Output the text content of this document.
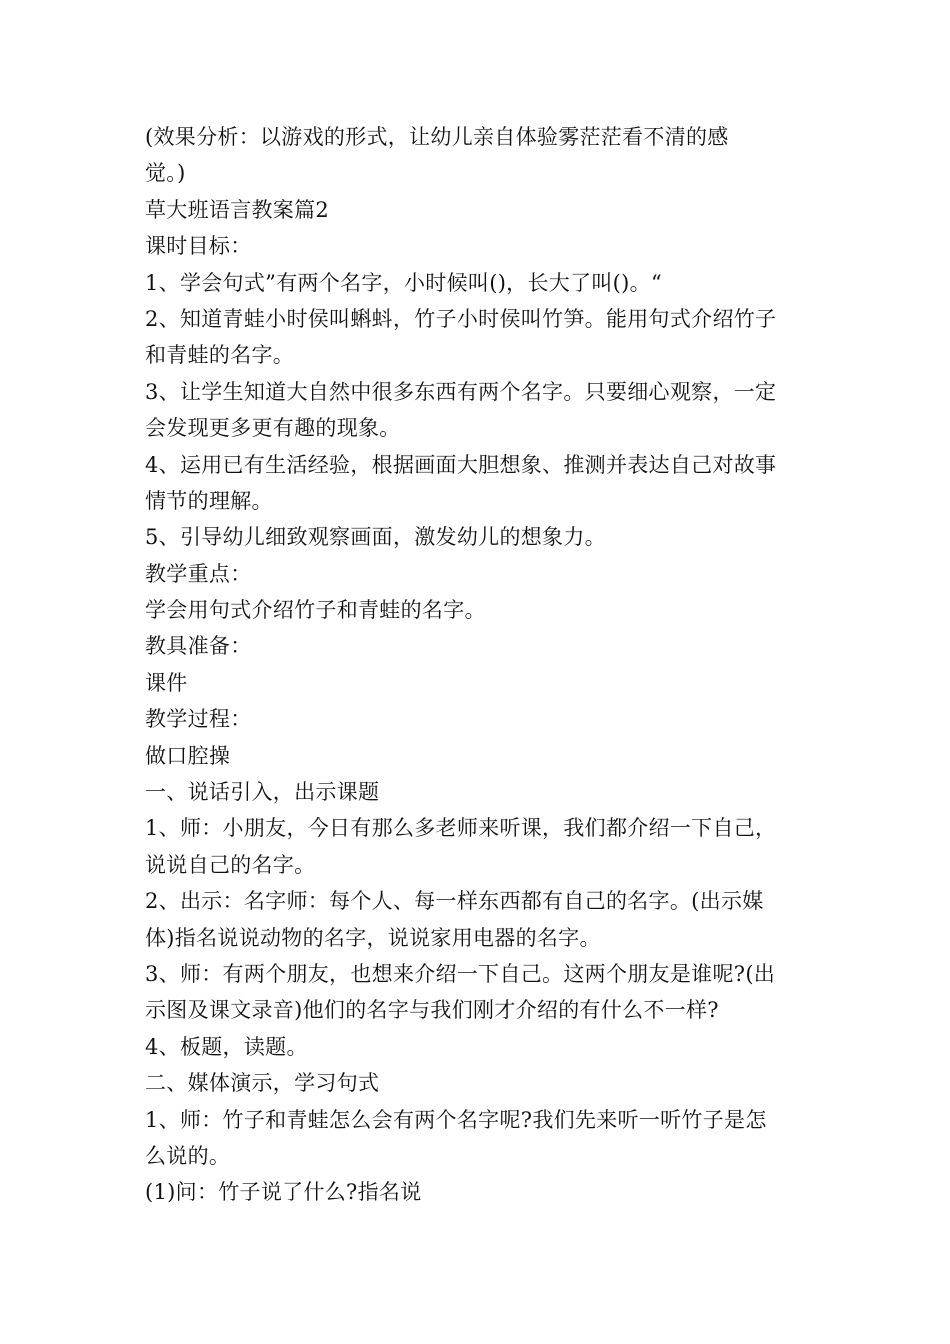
(效果分析：以游戏的形式，让幼儿亲自体验雾茫茫看不清的感
觉。)
草大班语言教案篇2
课时目标：
1、学会句式”有两个名字，小时候叫()，长大了叫()。“
2、知道青蛙小时侯叫蝌蚪，竹子小时侯叫竹笋。能用句式介绍竹子
和青蛙的名字。
3、让学生知道大自然中很多东西有两个名字。只要细心观察，一定
会发现更多更有趣的现象。
4、运用已有生活经验，根据画面大胆想象、推测并表达自己对故事
情节的理解。
5、引导幼儿细致观察画面，激发幼儿的想象力。
教学重点：
学会用句式介绍竹子和青蛙的名字。
教具准备：
课件
教学过程：
做口腔操
一、说话引入，出示课题
1、师：小朋友，今日有那么多老师来听课，我们都介绍一下自己，
说说自己的名字。
2、出示：名字师：每个人、每一样东西都有自己的名字。(出示媒
体)指名说说动物的名字，说说家用电器的名字。
3、师：有两个朋友，也想来介绍一下自己。这两个朋友是谁呢?(出
示图及课文录音)他们的名字与我们刚才介绍的有什么不一样?
4、板题，读题。
二、媒体演示，学习句式
1、师：竹子和青蛙怎么会有两个名字呢?我们先来听一听竹子是怎
么说的。
(1)问：竹子说了什么?指名说
